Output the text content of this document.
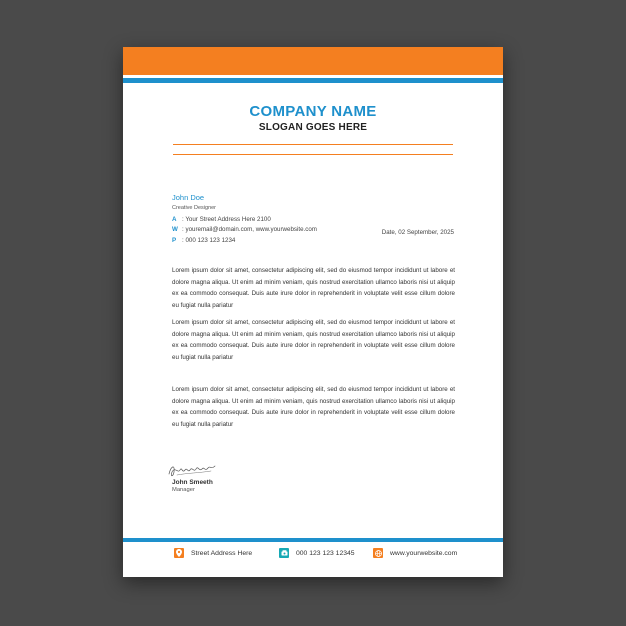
COMPANY NAME
SLOGAN GOES HERE
John Doe
Creative Designer
A : Your Street Address Here 2100
W : youremail@domain.com, www.yourwebsite.com
P : 000 123 123 1234
Date, 02 September, 2025

Lorem ipsum dolor sit amet, consectetur adipiscing elit, sed do eiusmod tempor incididunt ut labore et dolore magna aliqua. Ut enim ad minim veniam, quis nostrud exercitation ullamco laboris nisi ut aliquip ex ea commodo consequat. Duis aute irure dolor in reprehenderit in voluptate velit esse cillum dolore eu fugiat nulla pariatur

Lorem ipsum dolor sit amet, consectetur adipiscing elit, sed do eiusmod tempor incididunt ut labore et dolore magna aliqua. Ut enim ad minim veniam, quis nostrud exercitation ullamco laboris nisi ut aliquip ex ea commodo consequat. Duis aute irure dolor in reprehenderit in voluptate velit esse cillum dolore eu fugiat nulla pariatur

Lorem ipsum dolor sit amet, consectetur adipiscing elit, sed do eiusmod tempor incididunt ut labore et dolore magna aliqua. Ut enim ad minim veniam, quis nostrud exercitation ullamco laboris nisi ut aliquip ex ea commodo consequat. Duis aute irure dolor in reprehenderit in voluptate velit esse cillum dolore eu fugiat nulla pariatur

John Smeeth
Manager
Street Address Here	000 123 123 12345	www.yourwebsite.com
